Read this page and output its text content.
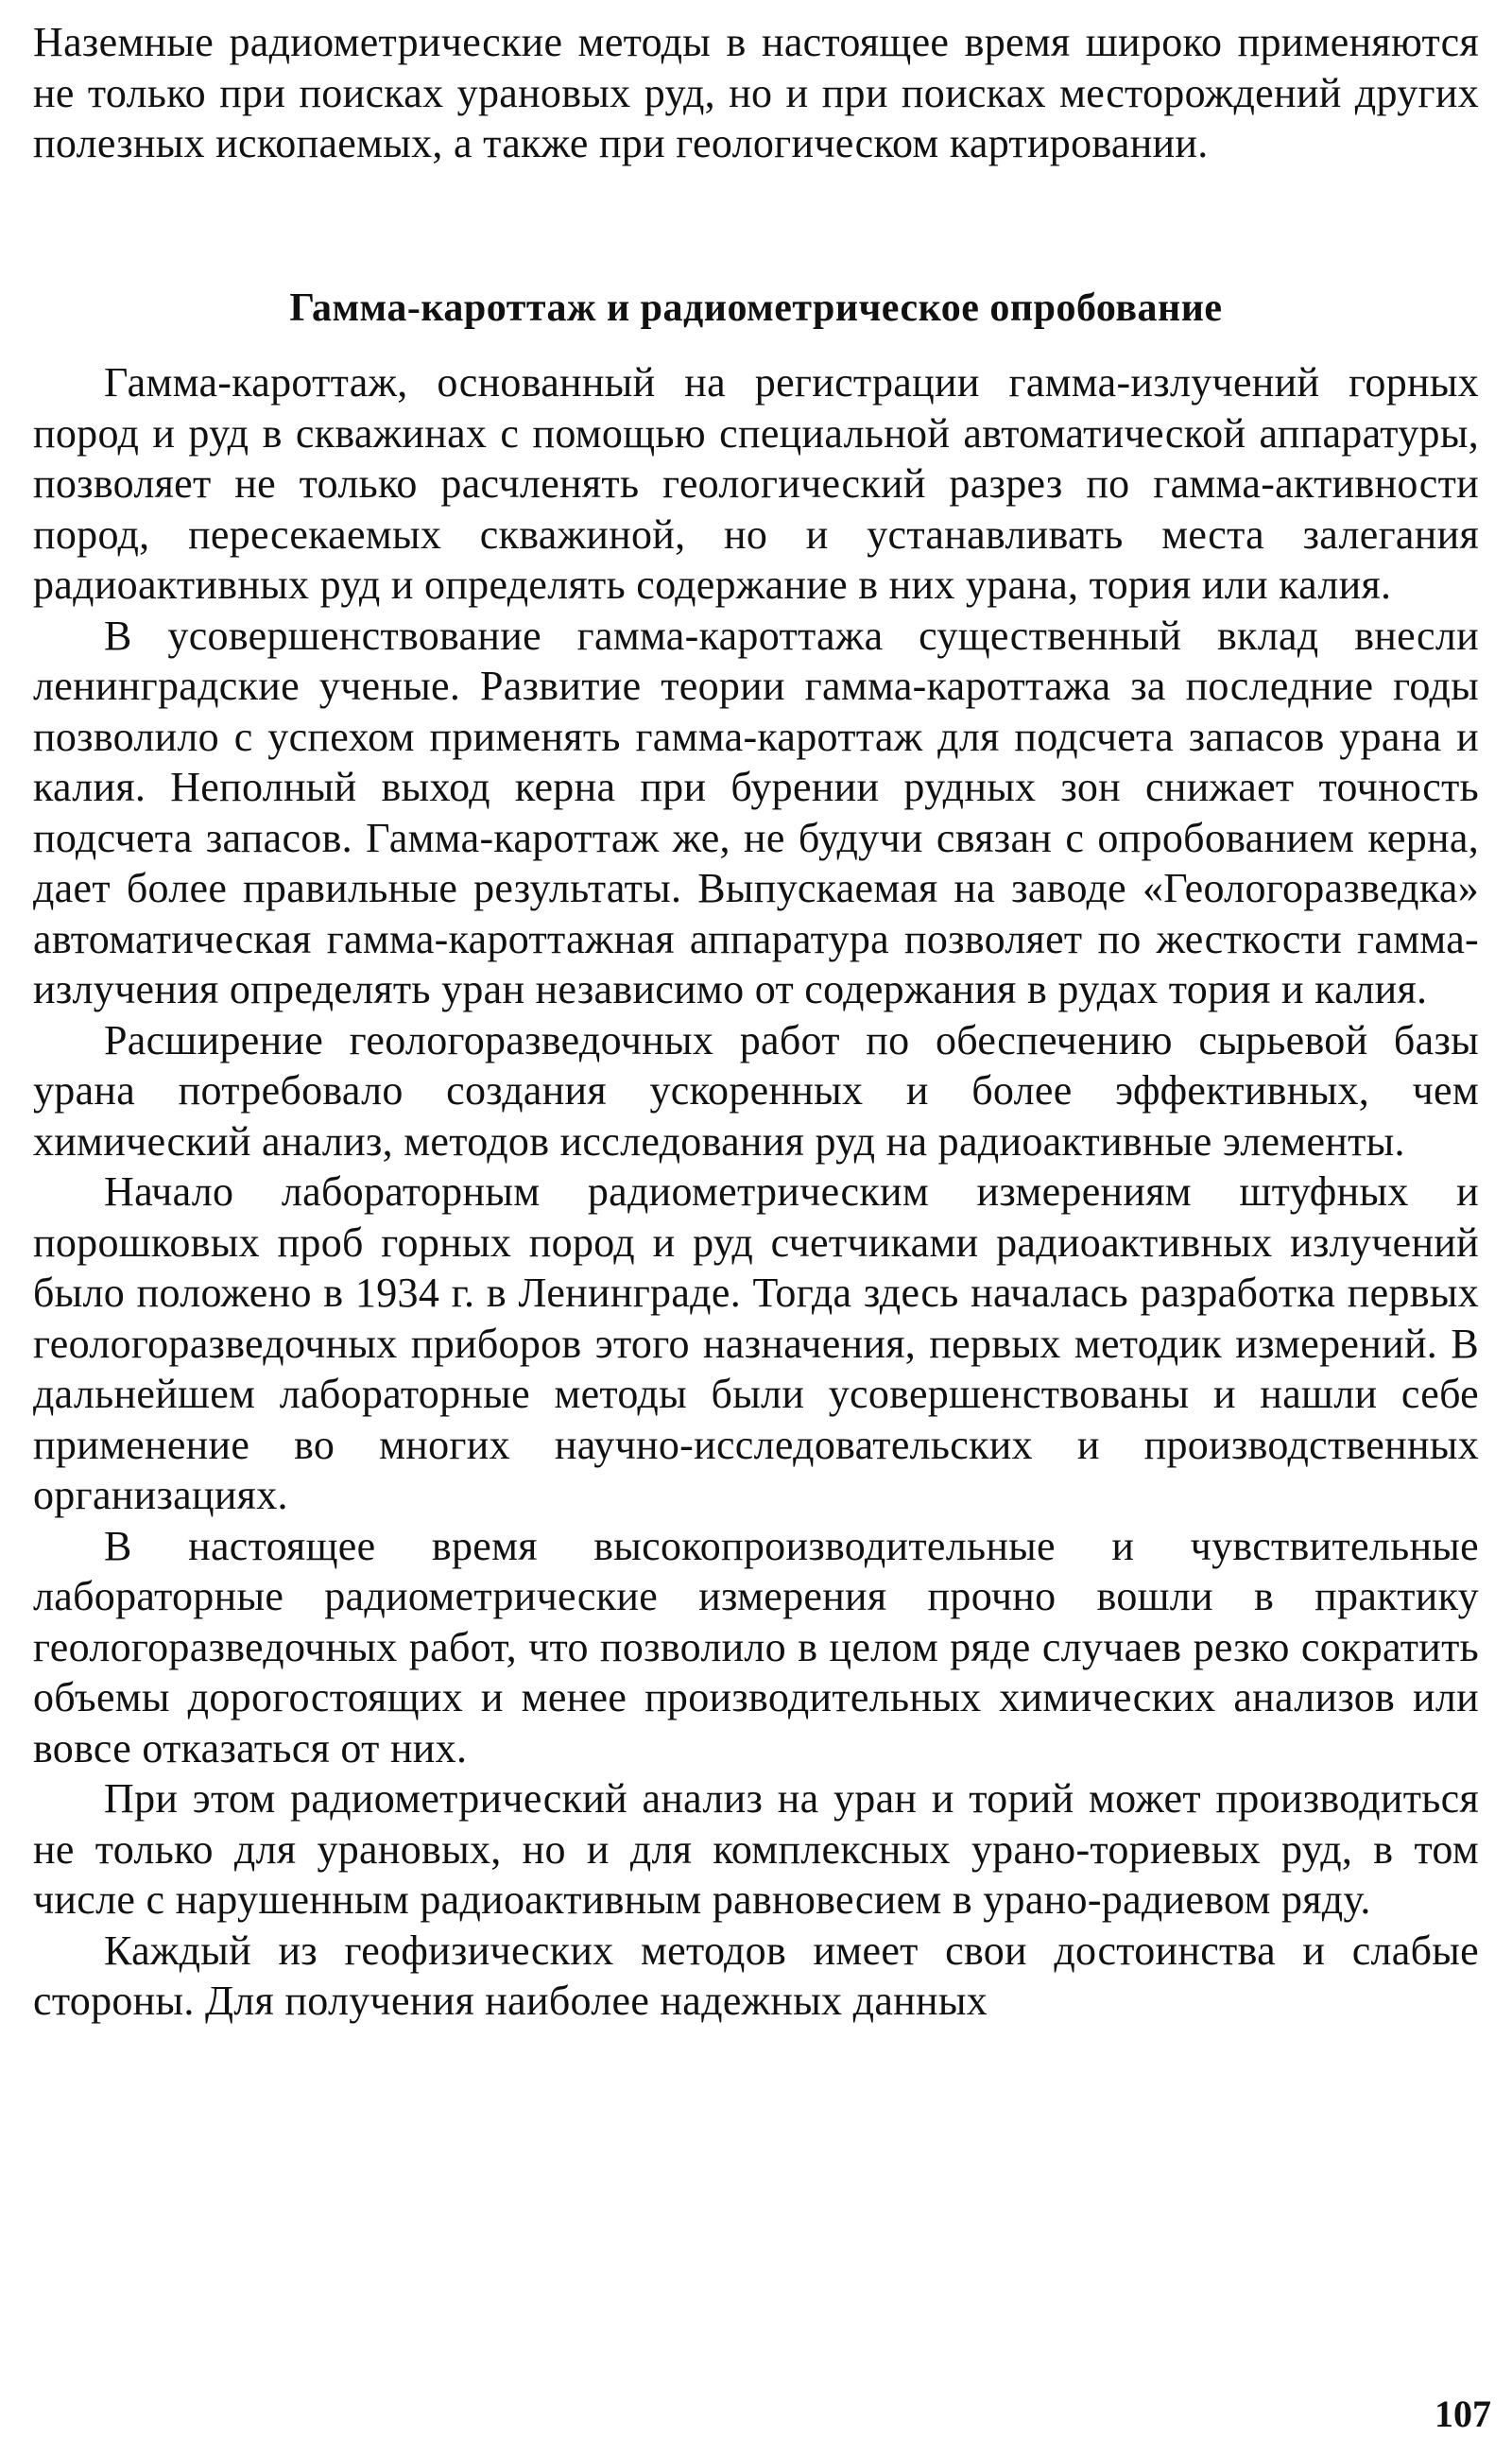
Наземные радиометрические методы в настоящее время широко применяются не только при поисках урановых руд, но и при поисках месторождений других полезных ископаемых, а также при геологическом картировании.

Гамма-кароттаж и радиометрическое опробование

Гамма-кароттаж, основанный на регистрации гамма-излучений горных пород и руд в скважинах с помощью специальной автоматической аппаратуры, позволяет не только расчленять геологический разрез по гамма-активности пород, пересекаемых скважиной, но и устанавливать места залегания радиоактивных руд и определять содержание в них урана, тория или калия.

В усовершенствование гамма-кароттажа существенный вклад внесли ленинградские ученые. Развитие теории гамма-кароттажа за последние годы позволило с успехом применять гамма-кароттаж для подсчета запасов урана и калия. Неполный выход керна при бурении рудных зон снижает точность подсчета запасов. Гамма-кароттаж же, не будучи связан с опробованием керна, дает более правильные результаты. Выпускаемая на заводе «Геологоразведка» автоматическая гамма-кароттажная аппаратура позволяет по жесткости гамма-излучения определять уран независимо от содержания в рудах тория и калия.

Расширение геологоразведочных работ по обеспечению сырьевой базы урана потребовало создания ускоренных и более эффективных, чем химический анализ, методов исследования руд на радиоактивные элементы.

Начало лабораторным радиометрическим измерениям штуфных и порошковых проб горных пород и руд счетчиками радиоактивных излучений было положено в 1934 г. в Ленинграде. Тогда здесь началась разработка первых геологоразведочных приборов этого назначения, первых методик измерений. В дальнейшем лабораторные методы были усовершенствованы и нашли себе применение во многих научно-исследовательских и производственных организациях.

В настоящее время высокопроизводительные и чувствительные лабораторные радиометрические измерения прочно вошли в практику геологоразведочных работ, что позволило в целом ряде случаев резко сократить объемы дорогостоящих и менее производительных химических анализов или вовсе отказаться от них.

При этом радиометрический анализ на уран и торий может производиться не только для урановых, но и для комплексных урано-ториевых руд, в том числе с нарушенным радиоактивным равновесием в урано-радиевом ряду.

Каждый из геофизических методов имеет свои достоинства и слабые стороны. Для получения наиболее надежных данных

107
